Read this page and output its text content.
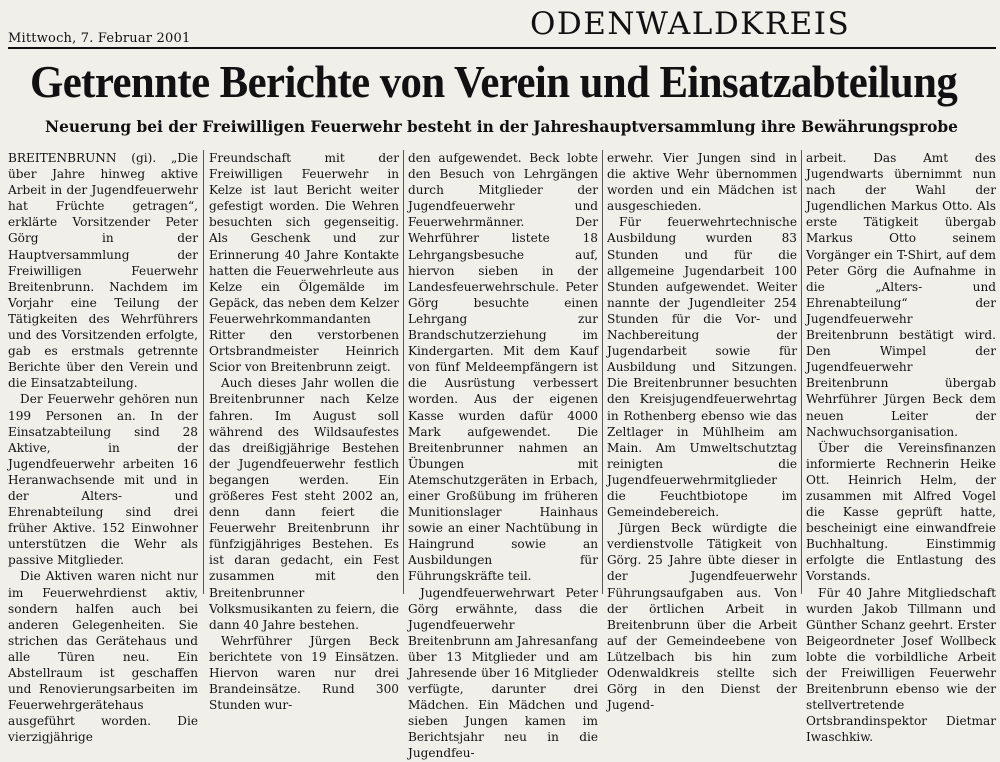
Mittwoch, 7. Februar 2001	ODENWALDKREIS
Getrennte Berichte von Verein und Einsatzabteilung
Neuerung bei der Freiwilligen Feuerwehr besteht in der Jahreshauptversammlung ihre Bewährungsprobe

BREITENBRUNN (gi). „Die über Jahre hinweg aktive Arbeit in der Jugendfeuerwehr hat Früchte getragen“, erklärte Vorsitzender Peter Görg in der Hauptversammlung der Freiwilligen Feuerwehr Breitenbrunn. Nachdem im Vorjahr eine Teilung der Tätigkeiten des Wehrführers und des Vorsitzenden erfolgte, gab es erstmals getrennte Berichte über den Verein und die Einsatzabteilung.

Der Feuerwehr gehören nun 199 Personen an. In der Einsatzabteilung sind 28 Aktive, in der Jugendfeuerwehr arbeiten 16 Heranwachsende mit und in der Alters- und Ehrenabteilung sind drei früher Aktive. 152 Einwohner unterstützen die Wehr als passive Mitglieder.

Die Aktiven waren nicht nur im Feuerwehrdienst aktiv, sondern halfen auch bei anderen Gelegenheiten. Sie strichen das Gerätehaus und alle Türen neu. Ein Abstellraum ist geschaffen und Renovierungsarbeiten im Feuerwehrgerätehaus ausgeführt worden. Die vierzigjährige

Freundschaft mit der Freiwilligen Feuerwehr in Kelze ist laut Bericht weiter gefestigt worden. Die Wehren besuchten sich gegenseitig. Als Geschenk und zur Erinnerung 40 Jahre Kontakte hatten die Feuerwehrleute aus Kelze ein Ölgemälde im Gepäck, das neben dem Kelzer Feuerwehrkommandanten Ritter den verstorbenen Ortsbrandmeister Heinrich Scior von Breitenbrunn zeigt.

Auch dieses Jahr wollen die Breitenbrunner nach Kelze fahren. Im August soll während des Wildsaufestes das dreißigjährige Bestehen der Jugendfeuerwehr festlich begangen werden. Ein größeres Fest steht 2002 an, denn dann feiert die Feuerwehr Breitenbrunn ihr fünfzigjähriges Bestehen. Es ist daran gedacht, ein Fest zusammen mit den Breitenbrunner Volksmusikanten zu feiern, die dann 40 Jahre bestehen.

Wehrführer Jürgen Beck berichtete von 19 Einsätzen. Hiervon waren nur drei Brandeinsätze. Rund 300 Stunden wur-

den aufgewendet. Beck lobte den Besuch von Lehrgängen durch Mitglieder der Jugendfeuerwehr und Feuerwehrmänner. Der Wehrführer listete 18 Lehrgangsbesuche auf, hiervon sieben in der Landesfeuerwehrschule. Peter Görg besuchte einen Lehrgang zur Brandschutzerziehung im Kindergarten. Mit dem Kauf von fünf Meldeempfängern ist die Ausrüstung verbessert worden. Aus der eigenen Kasse wurden dafür 4000 Mark aufgewendet. Die Breitenbrunner nahmen an Übungen mit Atemschutzgeräten in Erbach, einer Großübung im früheren Munitionslager Hainhaus sowie an einer Nachtübung in Haingrund sowie an Ausbildungen für Führungskräfte teil.

Jugendfeuerwehrwart Peter Görg erwähnte, dass die Jugendfeuerwehr Breitenbrunn am Jahresanfang über 13 Mitglieder und am Jahresende über 16 Mitglieder verfügte, darunter drei Mädchen. Ein Mädchen und sieben Jungen kamen im Berichtsjahr neu in die Jugendfeu-

erwehr. Vier Jungen sind in die aktive Wehr übernommen worden und ein Mädchen ist ausgeschieden.

Für feuerwehrtechnische Ausbildung wurden 83 Stunden und für die allgemeine Jugendarbeit 100 Stunden aufgewendet. Weiter nannte der Jugendleiter 254 Stunden für die Vor- und Nachbereitung der Jugendarbeit sowie für Ausbildung und Sitzungen. Die Breitenbrunner besuchten den Kreisjugendfeuerwehrtag in Rothenberg ebenso wie das Zeltlager in Mühlheim am Main. Am Umweltschutztag reinigten die Jugendfeuerwehrmitglieder die Feuchtbiotope im Gemeindebereich.

Jürgen Beck würdigte die verdienstvolle Tätigkeit von Görg. 25 Jahre übte dieser in der Jugendfeuerwehr Führungsaufgaben aus. Von der örtlichen Arbeit in Breitenbrunn über die Arbeit auf der Gemeindeebene von Lützelbach bis hin zum Odenwaldkreis stellte sich Görg in den Dienst der Jugend-

arbeit. Das Amt des Jugendwarts übernimmt nun nach der Wahl der Jugendlichen Markus Otto. Als erste Tätigkeit übergab Markus Otto seinem Vorgänger ein T-Shirt, auf dem Peter Görg die Aufnahme in die „Alters- und Ehrenabteilung“ der Jugendfeuerwehr Breitenbrunn bestätigt wird. Den Wimpel der Jugendfeuerwehr Breitenbrunn übergab Wehrführer Jürgen Beck dem neuen Leiter der Nachwuchsorganisation.

Über die Vereinsfinanzen informierte Rechnerin Heike Ott. Heinrich Helm, der zusammen mit Alfred Vogel die Kasse geprüft hatte, bescheinigt eine einwandfreie Buchhaltung. Einstimmig erfolgte die Entlastung des Vorstands.

Für 40 Jahre Mitgliedschaft wurden Jakob Tillmann und Günther Schanz geehrt. Erster Beigeordneter Josef Wollbeck lobte die vorbildliche Arbeit der Freiwilligen Feuerwehr Breitenbrunn ebenso wie der stellvertretende Ortsbrandinspektor Dietmar Iwaschkiw.
